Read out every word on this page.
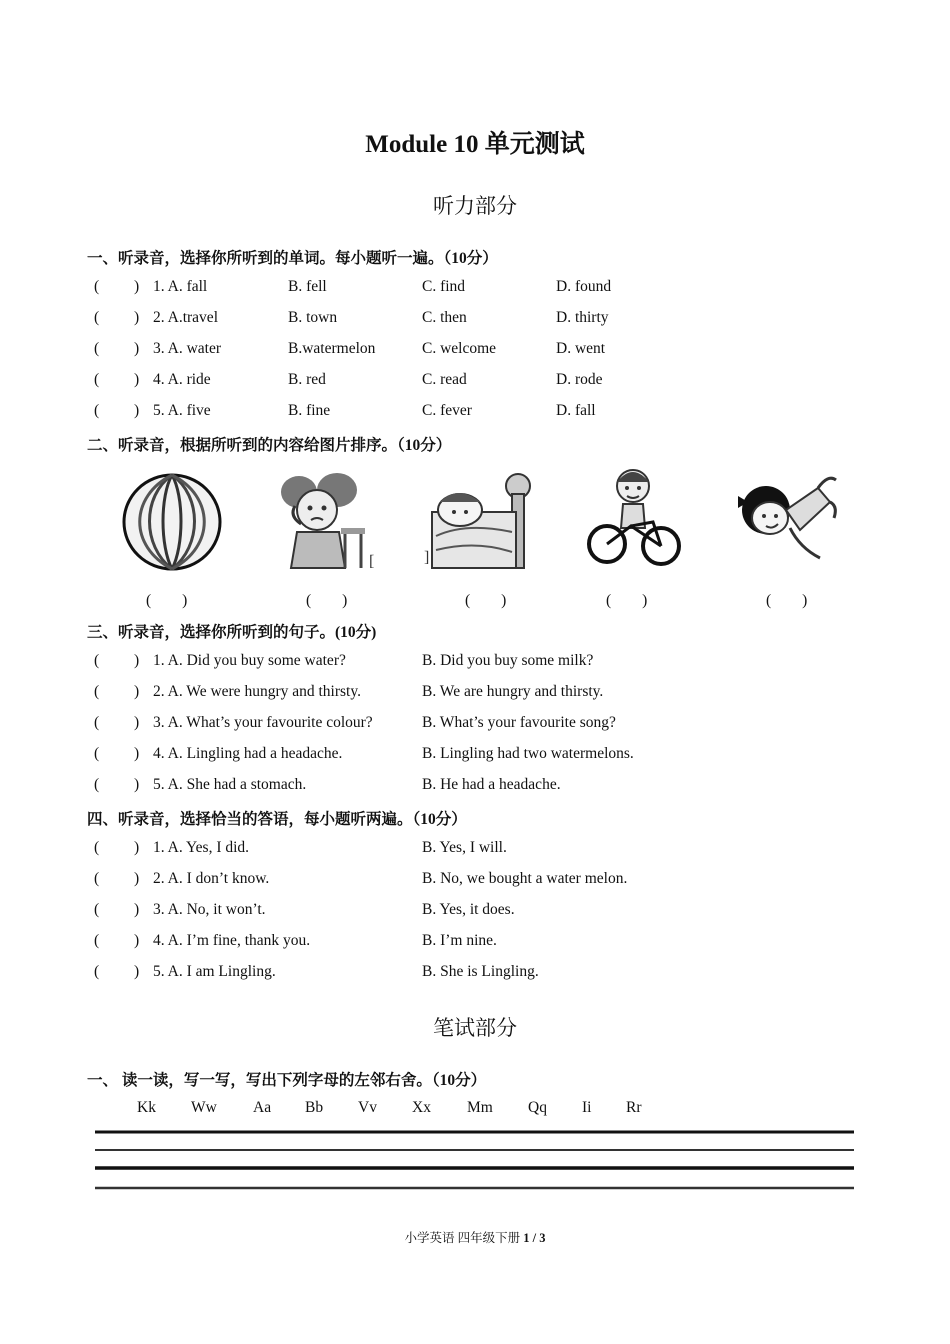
Module 10 单元测试
听力部分
一、听录音，选择你所听到的单词。每小题听一遍。（10分）
( ) 1. A. fall	B. fell	C. find	D. found
( ) 2. A.travel	B. town	C. then	D. thirty
( ) 3. A. water	B.watermelon	C. welcome	D. went
( ) 4. A. ride	B. red	C. read	D. rode
( ) 5. A. five	B. fine	C. fever	D. fall
二、听录音，根据所听到的内容给图片排序。（10分）
[	]
(　　)	(　　)	(　　)	(　　)	(　　)
三、听录音，选择你所听到的句子。(10分)
( ) 1. A. Did you buy some water?	B. Did you buy some milk?
( ) 2. A. We were hungry and thirsty.	B. We are hungry and thirsty.
( ) 3. A. What’s your favourite colour?	B. What’s your favourite song?
( ) 4. A. Lingling had a headache.	B. Lingling had two watermelons.
( ) 5. A. She had a stomach.	B. He had a headache.
四、听录音，选择恰当的答语，每小题听两遍。（10分）
( ) 1. A. Yes, I did.	B. Yes, I will.
( ) 2. A. I don’t know.	B. No, we bought a water melon.
( ) 3. A. No, it won’t.	B. Yes, it does.
( ) 4. A. I’m fine, thank you.	B. I’m nine.
( ) 5. A. I am Lingling.	B. She is Lingling.
笔试部分
一、 读一读，写一写，写出下列字母的左邻右舍。（10分）
Kk Ww Aa Bb Vv Xx Mm Qq Ii Rr
小学英语 四年级下册 1 / 3
